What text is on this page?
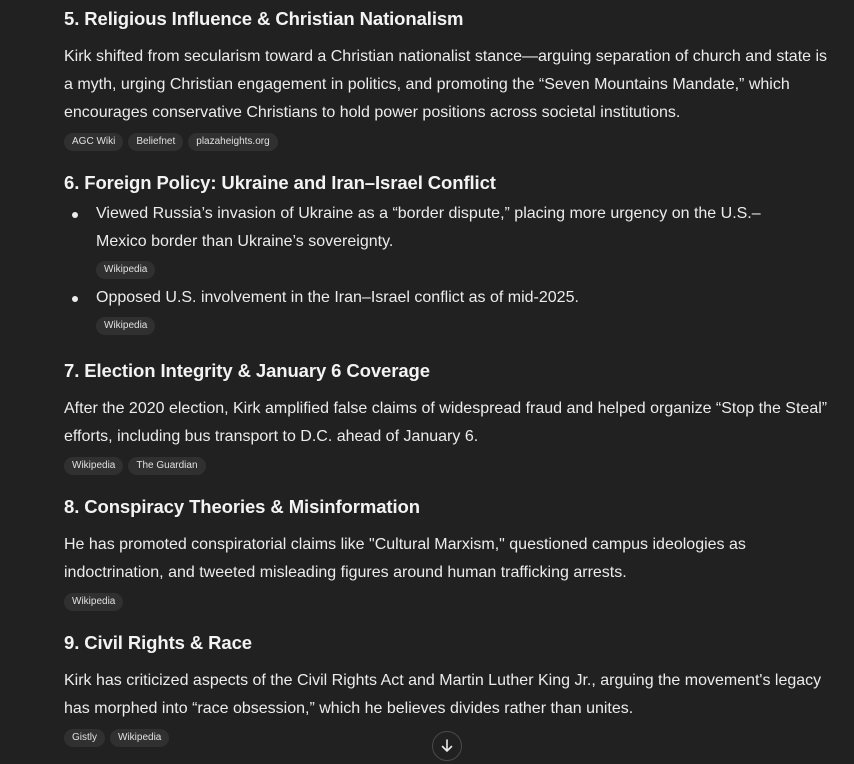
5. Religious Influence & Christian Nationalism

Kirk shifted from secularism toward a Christian nationalist stance—arguing separation of church and state is a myth, urging Christian engagement in politics, and promoting the “Seven Mountains Mandate,” which encourages conservative Christians to hold power positions across societal institutions.

AGC Wiki	Beliefnet	plazaheights.org
6. Foreign Policy: Ukraine and Iran–Israel Conflict

Viewed Russia’s invasion of Ukraine as a “border dispute,” placing more urgency on the U.S.–Mexico border than Ukraine’s sovereignty.

Wikipedia

Opposed U.S. involvement in the Iran–Israel conflict as of mid-2025.

Wikipedia
7. Election Integrity & January 6 Coverage

After the 2020 election, Kirk amplified false claims of widespread fraud and helped organize “Stop the Steal” efforts, including bus transport to D.C. ahead of January 6.

Wikipedia	The Guardian
8. Conspiracy Theories & Misinformation

He has promoted conspiratorial claims like "Cultural Marxism," questioned campus ideologies as indoctrination, and tweeted misleading figures around human trafficking arrests.

Wikipedia
9. Civil Rights & Race

Kirk has criticized aspects of the Civil Rights Act and Martin Luther King Jr., arguing the movement's legacy has morphed into “race obsession,” which he believes divides rather than unites.

Gistly	Wikipedia
